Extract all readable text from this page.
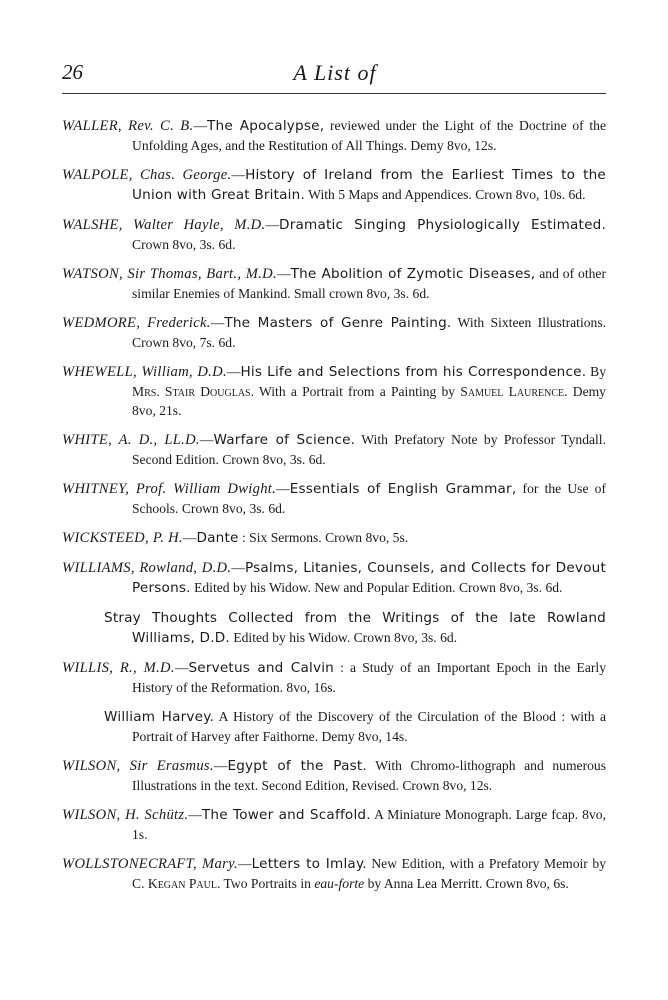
26	A List of

WALLER, Rev. C. B.—The Apocalypse, reviewed under the Light of the Doctrine of the Unfolding Ages, and the Restitution of All Things. Demy 8vo, 12s.

WALPOLE, Chas. George.—History of Ireland from the Earliest Times to the Union with Great Britain. With 5 Maps and Appendices. Crown 8vo, 10s. 6d.

WALSHE, Walter Hayle, M.D.—Dramatic Singing Physiologically Estimated. Crown 8vo, 3s. 6d.

WATSON, Sir Thomas, Bart., M.D.—The Abolition of Zymotic Diseases, and of other similar Enemies of Mankind. Small crown 8vo, 3s. 6d.

WEDMORE, Frederick.—The Masters of Genre Painting. With Sixteen Illustrations. Crown 8vo, 7s. 6d.

WHEWELL, William, D.D.—His Life and Selections from his Correspondence. By Mrs. Stair Douglas. With a Portrait from a Painting by Samuel Laurence. Demy 8vo, 21s.

WHITE, A. D., LL.D.—Warfare of Science. With Prefatory Note by Professor Tyndall. Second Edition. Crown 8vo, 3s. 6d.

WHITNEY, Prof. William Dwight.—Essentials of English Grammar, for the Use of Schools. Crown 8vo, 3s. 6d.

WICKSTEED, P. H.—Dante : Six Sermons. Crown 8vo, 5s.

WILLIAMS, Rowland, D.D.—Psalms, Litanies, Counsels, and Collects for Devout Persons. Edited by his Widow. New and Popular Edition. Crown 8vo, 3s. 6d.

Stray Thoughts Collected from the Writings of the late Rowland Williams, D.D. Edited by his Widow. Crown 8vo, 3s. 6d.

WILLIS, R., M.D.—Servetus and Calvin : a Study of an Important Epoch in the Early History of the Reformation. 8vo, 16s.

William Harvey. A History of the Discovery of the Circulation of the Blood : with a Portrait of Harvey after Faithorne. Demy 8vo, 14s.

WILSON, Sir Erasmus.—Egypt of the Past. With Chromo-lithograph and numerous Illustrations in the text. Second Edition, Revised. Crown 8vo, 12s.

WILSON, H. Schütz.—The Tower and Scaffold. A Miniature Monograph. Large fcap. 8vo, 1s.

WOLLSTONECRAFT, Mary.—Letters to Imlay. New Edition, with a Prefatory Memoir by C. Kegan Paul. Two Portraits in eau-forte by Anna Lea Merritt. Crown 8vo, 6s.
